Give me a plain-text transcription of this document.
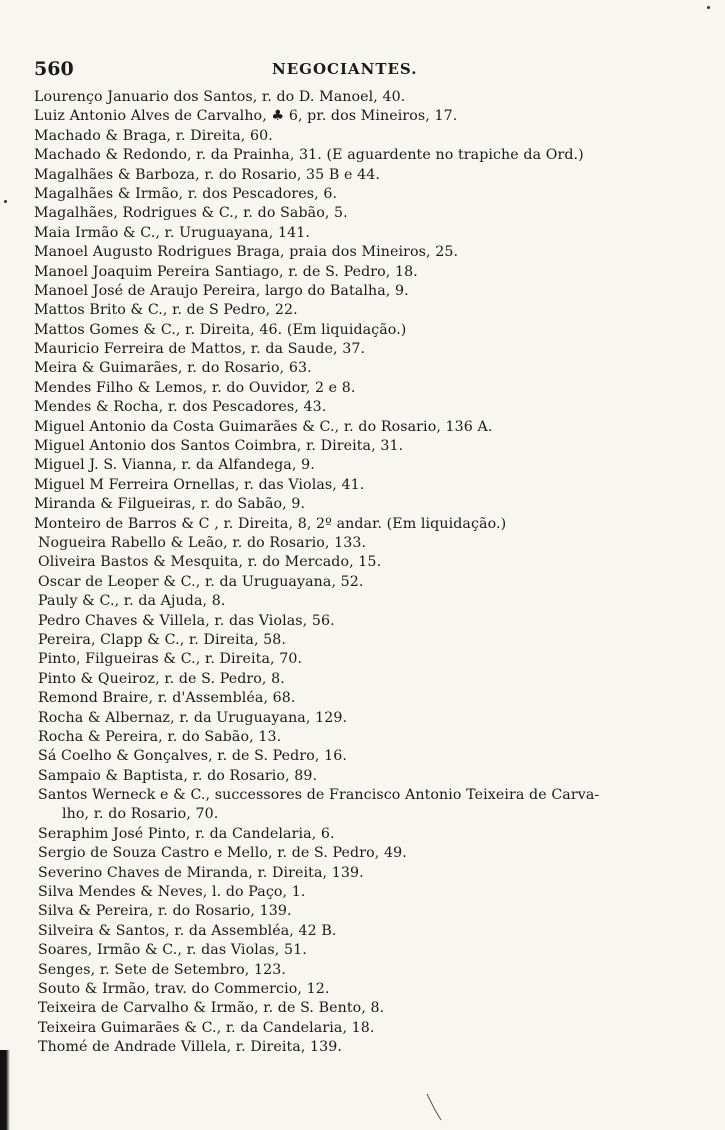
560	NEGOCIANTES.
Lourenço Januario dos Santos, r. do D. Manoel, 40.
Luiz Antonio Alves de Carvalho, ♣ 6, pr. dos Mineiros, 17.
Machado & Braga, r. Direita, 60.
Machado & Redondo, r. da Prainha, 31. (E aguardente no trapiche da Ord.)
Magalhães & Barboza, r. do Rosario, 35 B e 44.
Magalhães & Irmão, r. dos Pescadores, 6.
Magalhães, Rodrigues & C., r. do Sabão, 5.
Maia Irmão & C., r. Uruguayana, 141.
Manoel Augusto Rodrigues Braga, praia dos Mineiros, 25.
Manoel Joaquim Pereira Santiago, r. de S. Pedro, 18.
Manoel José de Araujo Pereira, largo do Batalha, 9.
Mattos Brito & C., r. de S Pedro, 22.
Mattos Gomes & C., r. Direita, 46. (Em liquidação.)
Mauricio Ferreira de Mattos, r. da Saude, 37.
Meira & Guimarães, r. do Rosario, 63.
Mendes Filho & Lemos, r. do Ouvidor, 2 e 8.
Mendes & Rocha, r. dos Pescadores, 43.
Miguel Antonio da Costa Guimarães & C., r. do Rosario, 136 A.
Miguel Antonio dos Santos Coimbra, r. Direita, 31.
Miguel J. S. Vianna, r. da Alfandega, 9.
Miguel M Ferreira Ornellas, r. das Violas, 41.
Miranda & Filgueiras, r. do Sabão, 9.
Monteiro de Barros & C , r. Direita, 8, 2º andar. (Em liquidação.)
Nogueira Rabello & Leão, r. do Rosario, 133.
Oliveira Bastos & Mesquita, r. do Mercado, 15.
Oscar de Leoper & C., r. da Uruguayana, 52.
Pauly & C., r. da Ajuda, 8.
Pedro Chaves & Villela, r. das Violas, 56.
Pereira, Clapp & C., r. Direita, 58.
Pinto, Filgueiras & C., r. Direita, 70.
Pinto & Queiroz, r. de S. Pedro, 8.
Remond Braire, r. d'Assembléa, 68.
Rocha & Albernaz, r. da Uruguayana, 129.
Rocha & Pereira, r. do Sabão, 13.
Sá Coelho & Gonçalves, r. de S. Pedro, 16.
Sampaio & Baptista, r. do Rosario, 89.
Santos Werneck e & C., successores de Francisco Antonio Teixeira de Carva-
lho, r. do Rosario, 70.
Seraphim José Pinto, r. da Candelaria, 6.
Sergio de Souza Castro e Mello, r. de S. Pedro, 49.
Severino Chaves de Miranda, r. Direita, 139.
Silva Mendes & Neves, l. do Paço, 1.
Silva & Pereira, r. do Rosario, 139.
Silveira & Santos, r. da Assembléa, 42 B.
Soares, Irmão & C., r. das Violas, 51.
Senges, r. Sete de Setembro, 123.
Souto & Irmão, trav. do Commercio, 12.
Teixeira de Carvalho & Irmão, r. de S. Bento, 8.
Teixeira Guimarães & C., r. da Candelaria, 18.
Thomé de Andrade Villela, r. Direita, 139.
